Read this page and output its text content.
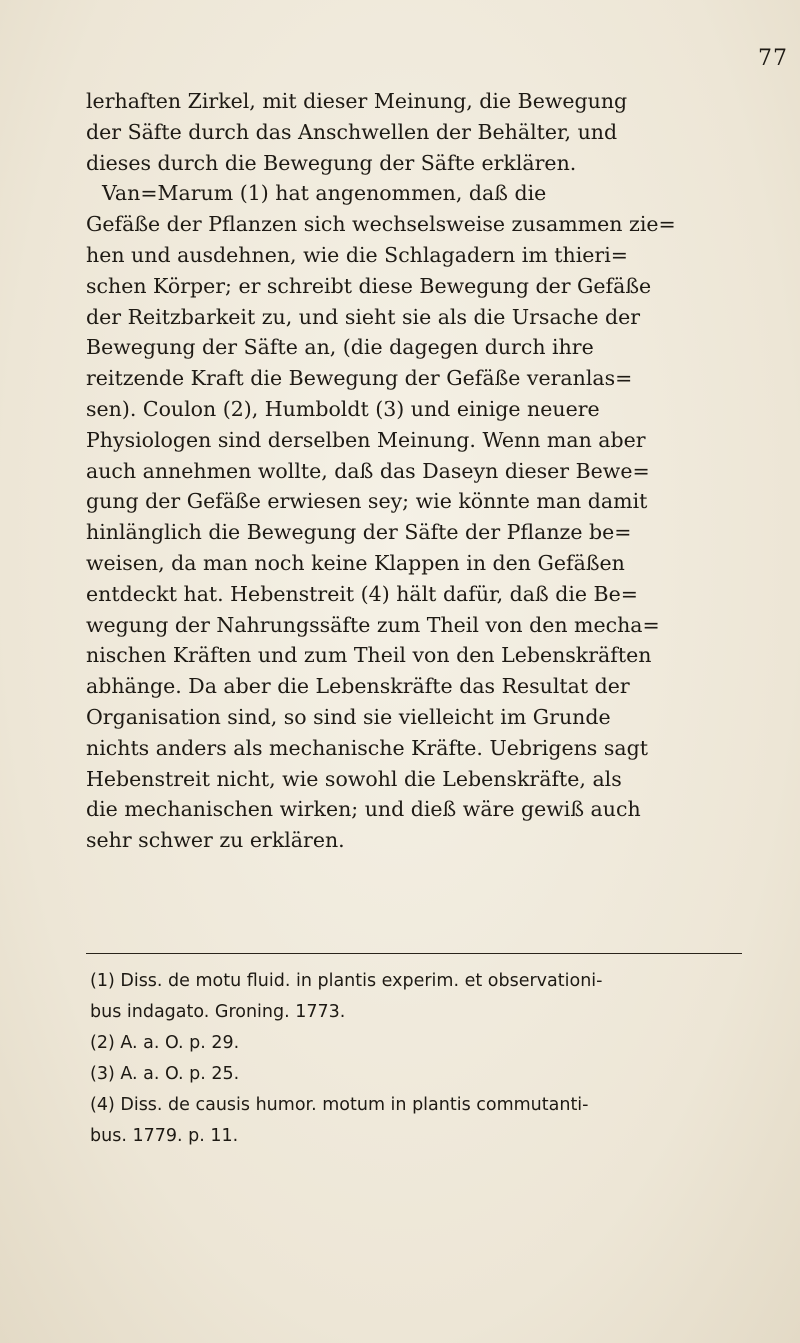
77
lerhaften Zirkel, mit dieser Meinung, die Bewegung
der Säfte durch das Anschwellen der Behälter, und
dieses durch die Bewegung der Säfte erklären.
Van=Marum (1) hat angenommen, daß die
Gefäße der Pflanzen sich wechselsweise zusammen zie=
hen und ausdehnen, wie die Schlagadern im thieri=
schen Körper; er schreibt diese Bewegung der Gefäße
der Reitzbarkeit zu, und sieht sie als die Ursache der
Bewegung der Säfte an, (die dagegen durch ihre
reitzende Kraft die Bewegung der Gefäße veranlas=
sen). Coulon (2), Humboldt (3) und einige neuere
Physiologen sind derselben Meinung. Wenn man aber
auch annehmen wollte, daß das Daseyn dieser Bewe=
gung der Gefäße erwiesen sey; wie könnte man damit
hinlänglich die Bewegung der Säfte der Pflanze be=
weisen, da man noch keine Klappen in den Gefäßen
entdeckt hat. Hebenstreit (4) hält dafür, daß die Be=
wegung der Nahrungssäfte zum Theil von den mecha=
nischen Kräften und zum Theil von den Lebenskräften
abhänge. Da aber die Lebenskräfte das Resultat der
Organisation sind, so sind sie vielleicht im Grunde
nichts anders als mechanische Kräfte. Uebrigens sagt
Hebenstreit nicht, wie sowohl die Lebenskräfte, als
die mechanischen wirken; und dieß wäre gewiß auch
sehr schwer zu erklären.
(1) Diss. de motu fluid. in plantis experim. et observationi-
bus indagato. Groning. 1773.
(2) A. a. O. p. 29.
(3) A. a. O. p. 25.
(4) Diss. de causis humor. motum in plantis commutanti-
bus. 1779. p. 11.
